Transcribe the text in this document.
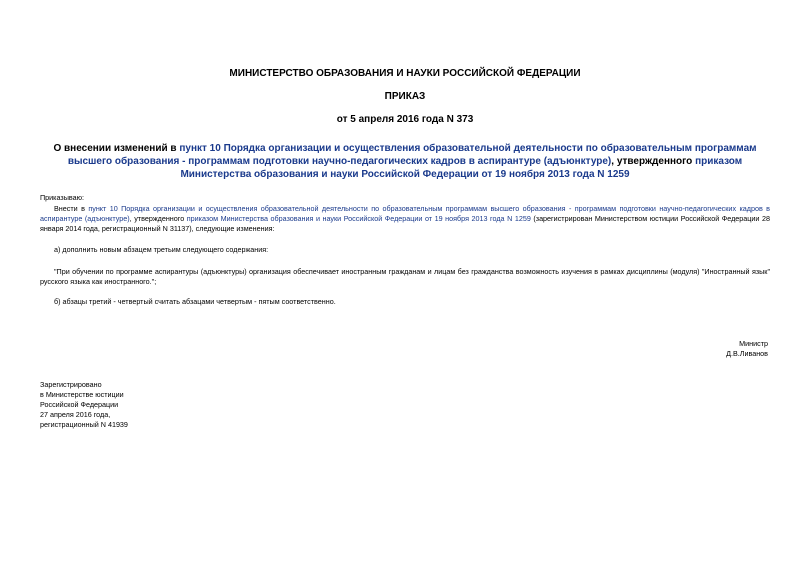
МИНИСТЕРСТВО ОБРАЗОВАНИЯ И НАУКИ РОССИЙСКОЙ ФЕДЕРАЦИИ
ПРИКАЗ
от 5 апреля 2016 года N 373
О внесении изменений в пункт 10 Порядка организации и осуществления образовательной деятельности по образовательным программам высшего образования - программам подготовки научно-педагогических кадров в аспирантуре (адъюнктуре), утвержденного приказом Министерства образования и науки Российской Федерации от 19 ноября 2013 года N 1259
Приказываю:
Внести в пункт 10 Порядка организации и осуществления образовательной деятельности по образовательным программам высшего образования - программам подготовки научно-педагогических кадров в аспирантуре (адъюнктуре), утвержденного приказом Министерства образования и науки Российской Федерации от 19 ноября 2013 года N 1259 (зарегистрирован Министерством юстиции Российской Федерации 28 января 2014 года, регистрационный N 31137), следующие изменения:
а) дополнить новым абзацем третьим следующего содержания:
"При обучении по программе аспирантуры (адъюнктуры) организация обеспечивает иностранным гражданам и лицам без гражданства возможность изучения в рамках дисциплины (модуля) "Иностранный язык" русского языка как иностранного.";
б) абзацы третий - четвертый считать абзацами четвертым - пятым соответственно.
Министр
Д.В.Ливанов
Зарегистрировано
в Министерстве юстиции
Российской Федерации
27 апреля 2016 года,
регистрационный N 41939
